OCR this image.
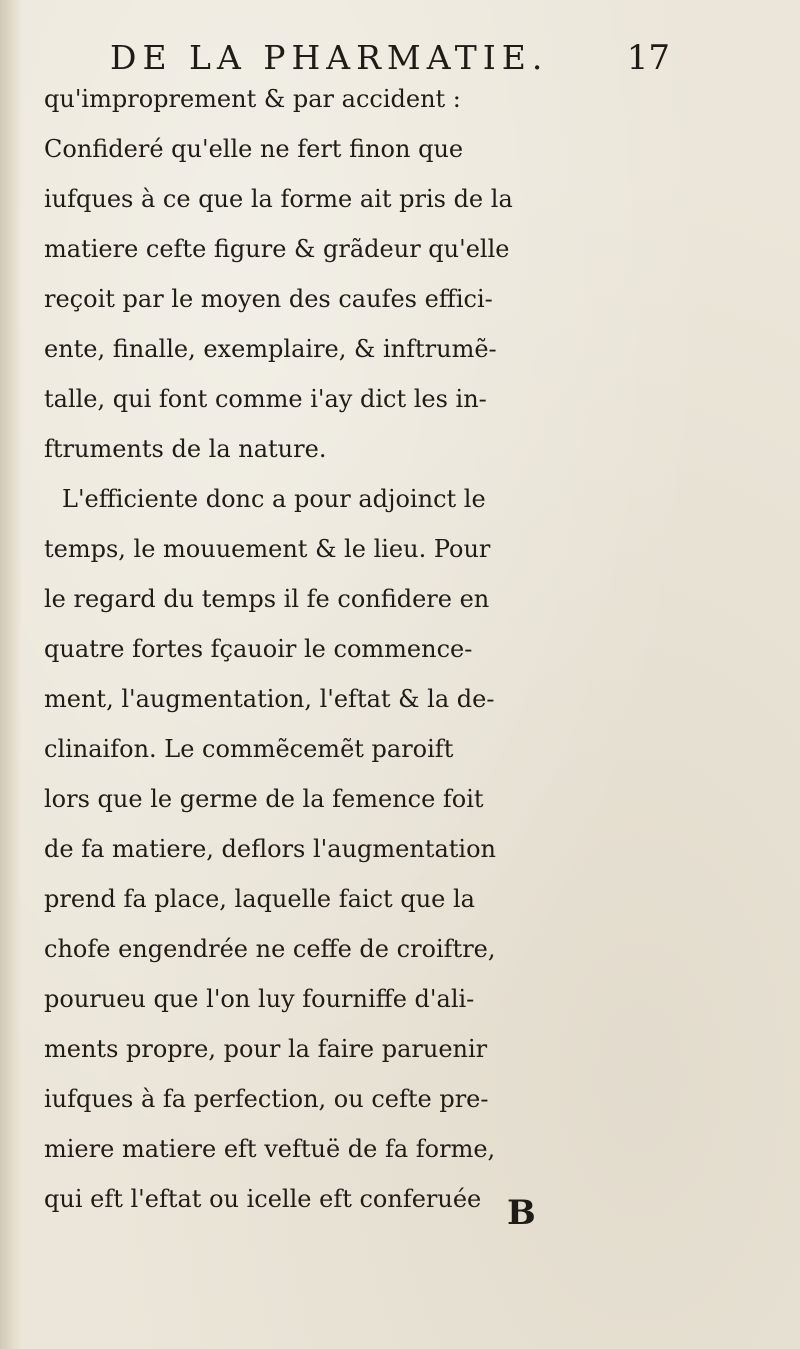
DE LA PHARMATIE. 17
qu'improprement & par accident :
Confideré qu'elle ne fert finon que
iufques à ce que la forme ait pris de la
matiere cefte figure & grãdeur qu'elle
reçoit par le moyen des caufes effici-
ente, finalle, exemplaire, & inftrumẽ-
talle, qui font comme i'ay dict les in-
ftruments de la nature.
L'efficiente donc a pour adjoinct le
temps, le mouuement & le lieu. Pour
le regard du temps il fe confidere en
quatre fortes fçauoir le commence-
ment, l'augmentation, l'eftat & la de-
clinaifon. Le commẽcemẽt paroift
lors que le germe de la femence foit
de fa matiere, deflors l'augmentation
prend fa place, laquelle faict que la
chofe engendrée ne ceffe de croiftre,
pourueu que l'on luy fourniffe d'ali-
ments propre, pour la faire paruenir
iufques à fa perfection, ou cefte pre-
miere matiere eft veftuë de fa forme,
qui eft l'eftat ou icelle eft conferuée B
